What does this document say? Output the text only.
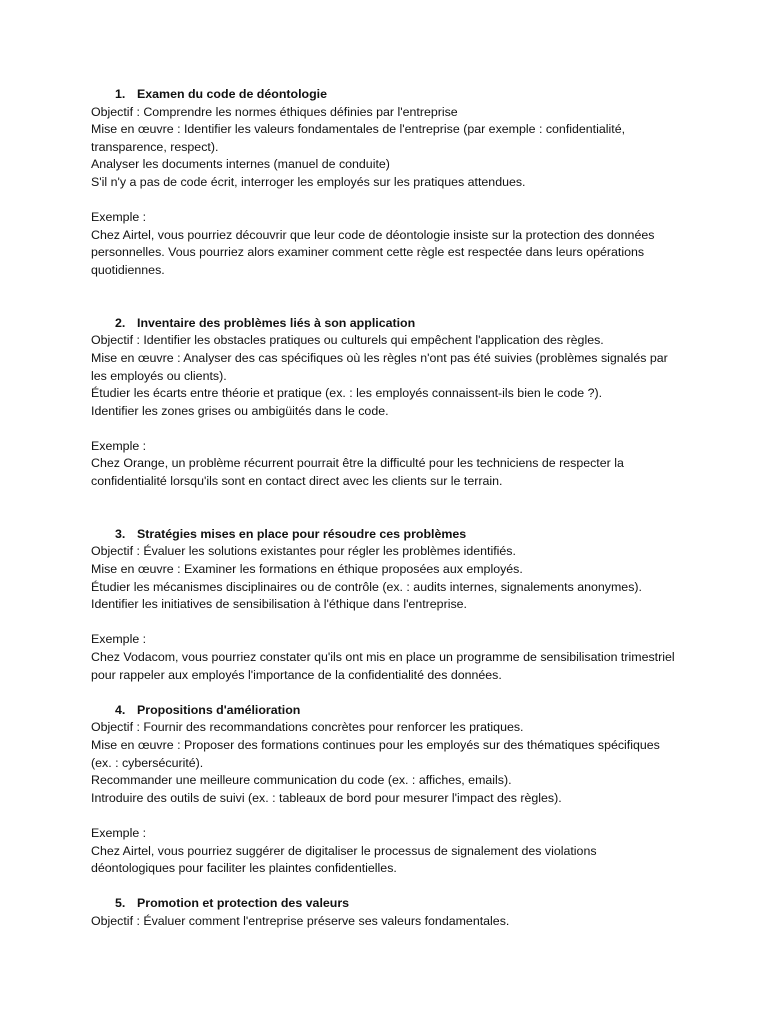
1. Examen du code de déontologie

Objectif : Comprendre les normes éthiques définies par l'entreprise

Mise en œuvre : Identifier les valeurs fondamentales de l'entreprise (par exemple : confidentialité, transparence, respect).

Analyser les documents internes (manuel de conduite)

S'il n'y a pas de code écrit, interroger les employés sur les pratiques attendues.

Exemple :

Chez Airtel, vous pourriez découvrir que leur code de déontologie insiste sur la protection des données personnelles. Vous pourriez alors examiner comment cette règle est respectée dans leurs opérations quotidiennes.

2. Inventaire des problèmes liés à son application

Objectif : Identifier les obstacles pratiques ou culturels qui empêchent l'application des règles.

Mise en œuvre : Analyser des cas spécifiques où les règles n'ont pas été suivies (problèmes signalés par les employés ou clients).

Étudier les écarts entre théorie et pratique (ex. : les employés connaissent-ils bien le code ?).

Identifier les zones grises ou ambigüités dans le code.

Exemple :

Chez Orange, un problème récurrent pourrait être la difficulté pour les techniciens de respecter la confidentialité lorsqu'ils sont en contact direct avec les clients sur le terrain.

3. Stratégies mises en place pour résoudre ces problèmes

Objectif : Évaluer les solutions existantes pour régler les problèmes identifiés.

Mise en œuvre : Examiner les formations en éthique proposées aux employés.

Étudier les mécanismes disciplinaires ou de contrôle (ex. : audits internes, signalements anonymes).

Identifier les initiatives de sensibilisation à l'éthique dans l'entreprise.

Exemple :

Chez Vodacom, vous pourriez constater qu'ils ont mis en place un programme de sensibilisation trimestriel pour rappeler aux employés l'importance de la confidentialité des données.

4. Propositions d'amélioration

Objectif : Fournir des recommandations concrètes pour renforcer les pratiques.

Mise en œuvre : Proposer des formations continues pour les employés sur des thématiques spécifiques (ex. : cybersécurité).

Recommander une meilleure communication du code (ex. : affiches, emails).

Introduire des outils de suivi (ex. : tableaux de bord pour mesurer l'impact des règles).

Exemple :

Chez Airtel, vous pourriez suggérer de digitaliser le processus de signalement des violations déontologiques pour faciliter les plaintes confidentielles.

5. Promotion et protection des valeurs

Objectif : Évaluer comment l'entreprise préserve ses valeurs fondamentales.
